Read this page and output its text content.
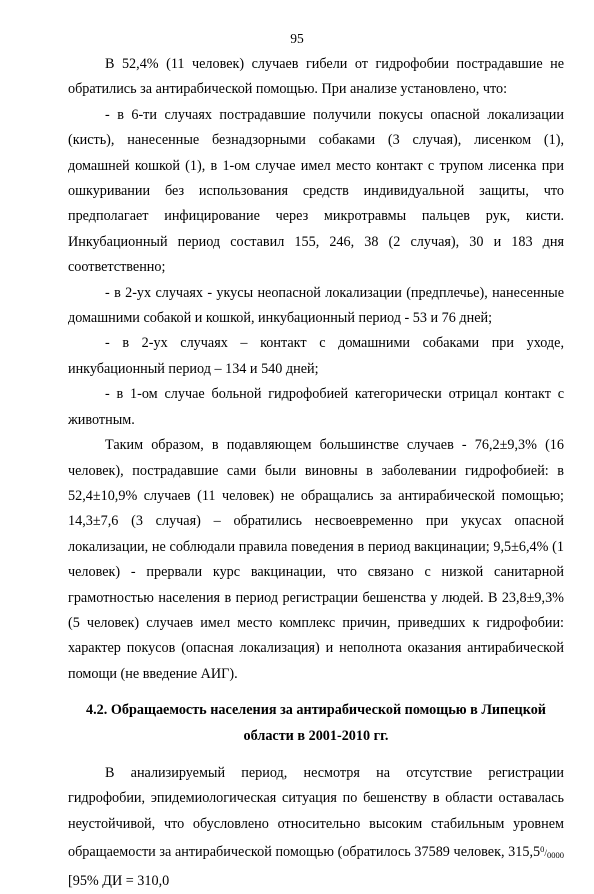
95

В 52,4% (11 человек) случаев гибели от гидрофобии пострадавшие не обратились за антирабической помощью. При анализе установлено, что:

- в 6-ти случаях пострадавшие получили покусы опасной локализации (кисть), нанесенные безнадзорными собаками (3 случая), лисенком (1), домашней кошкой (1), в 1-ом случае имел место контакт с трупом лисенка при ошкуривании без использования средств индивидуальной защиты, что предполагает инфицирование через микротравмы пальцев рук, кисти. Инкубационный период составил 155, 246, 38 (2 случая), 30 и 183 дня соответственно;

- в 2-ух случаях - укусы неопасной локализации (предплечье), нанесенные домашними собакой и кошкой, инкубационный период - 53 и 76 дней;

- в 2-ух случаях – контакт с домашними собаками при уходе, инкубационный период – 134 и 540 дней;

- в 1-ом случае больной гидрофобией категорически отрицал контакт с животным.

Таким образом, в подавляющем большинстве случаев - 76,2±9,3% (16 человек), пострадавшие сами были виновны в заболевании гидрофобией: в 52,4±10,9% случаев (11 человек) не обращались за антирабической помощью; 14,3±7,6 (3 случая) – обратились несвоевременно при укусах опасной локализации, не соблюдали правила поведения в период вакцинации; 9,5±6,4% (1 человек) - прервали курс вакцинации, что связано с низкой санитарной грамотностью населения в период регистрации бешенства у людей. В 23,8±9,3% (5 человек) случаев имел место комплекс причин, приведших к гидрофобии: характер покусов (опасная локализация) и неполнота оказания антирабической помощи (не введение АИГ).

4.2. Обращаемость населения за антирабической помощью в Липецкой
области в 2001-2010 гг.

В анализируемый период, несмотря на отсутствие регистрации гидрофобии, эпидемиологическая ситуация по бешенству в области оставалась неустойчивой, что обусловлено относительно высоким стабильным уровнем обращаемости за антирабической помощью (обратилось 37589 человек, $315,5^0/_{0000}$ [95% ДИ = 310,0
